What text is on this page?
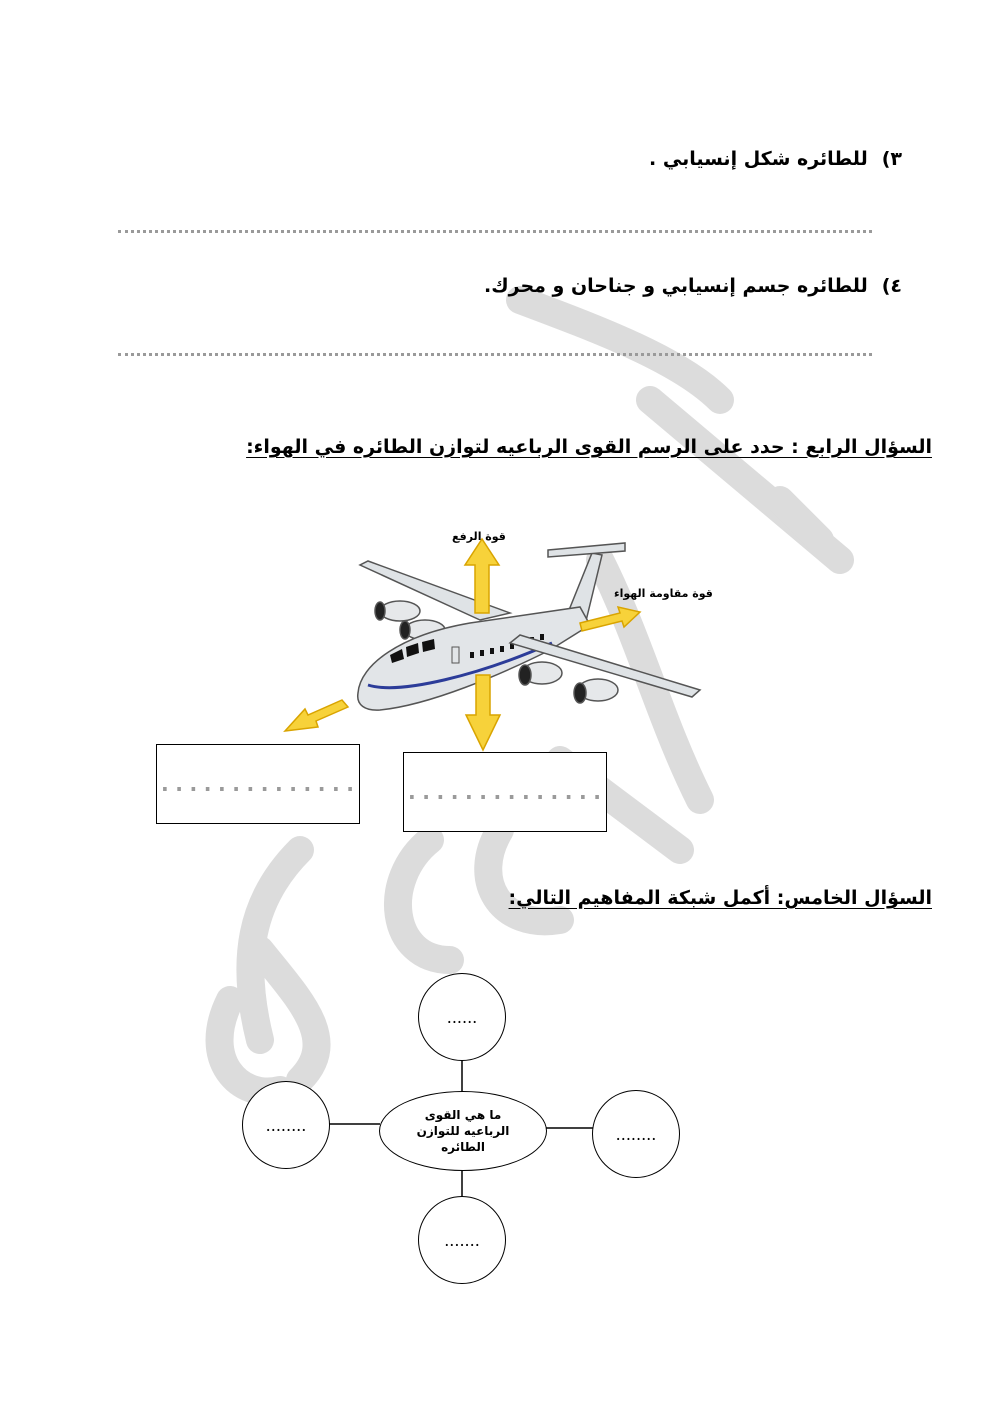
٣)للطائره شكل إنسيابي .
٤)للطائره جسم إنسيابي و جناحان و محرك.
السؤال الرابع : حدد على الرسم القوى الرباعيه لتوازن الطائره في الهواء:
قوة الرفع
قوة مقاومة الهواء
.............. ..............
السؤال الخامس: أكمل شبكة المفاهيم التالي:
......
........	........
.......
ما هي القوى
الرباعيه للتوازن
الطائره
